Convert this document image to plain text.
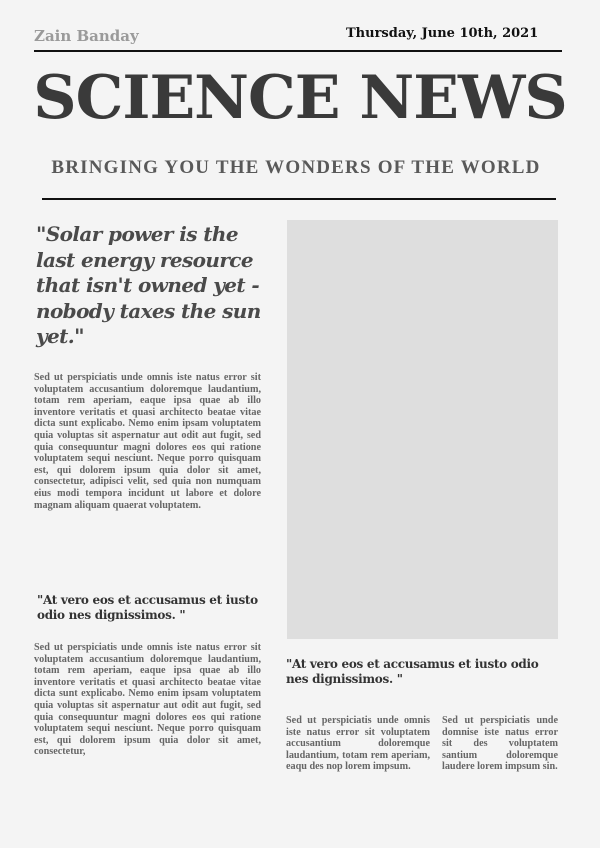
Zain Banday	Thursday, June 10th, 2021
SCIENCE NEWS
BRINGING YOU THE WONDERS OF THE WORLD
"Solar power is the last energy resource that isn't owned yet - nobody taxes the sun yet."
Sed ut perspiciatis unde omnis iste natus error sit voluptatem accusantium doloremque laudantium, totam rem aperiam, eaque ipsa quae ab illo inventore veritatis et quasi architecto beatae vitae dicta sunt explicabo. Nemo enim ipsam voluptatem quia voluptas sit aspernatur aut odit aut fugit, sed quia consequuntur magni dolores eos qui ratione voluptatem sequi nesciunt. Neque porro quisquam est, qui dolorem ipsum quia dolor sit amet, consectetur, adipisci velit, sed quia non numquam eius modi tempora incidunt ut labore et dolore magnam aliquam quaerat voluptatem.
"At vero eos et accusamus et iusto odio nes dignissimos. "
Sed ut perspiciatis unde omnis iste natus error sit voluptatem accusantium doloremque laudantium, totam rem aperiam, eaque ipsa quae ab illo inventore veritatis et quasi architecto beatae vitae dicta sunt explicabo. Nemo enim ipsam voluptatem quia voluptas sit aspernatur aut odit aut fugit, sed quia consequuntur magni dolores eos qui ratione voluptatem sequi nesciunt. Neque porro quisquam est, qui dolorem ipsum quia dolor sit amet, consectetur,
"At vero eos et accusamus et iusto odio nes dignissimos. "
Sed ut perspiciatis unde omnis iste natus error sit voluptatem accusantium doloremque laudantium, totam rem aperiam, eaqu des nop lorem impsum.
Sed ut perspiciatis unde domnise iste natus error sit des voluptatem santium doloremque laudere lorem impsum sin.
